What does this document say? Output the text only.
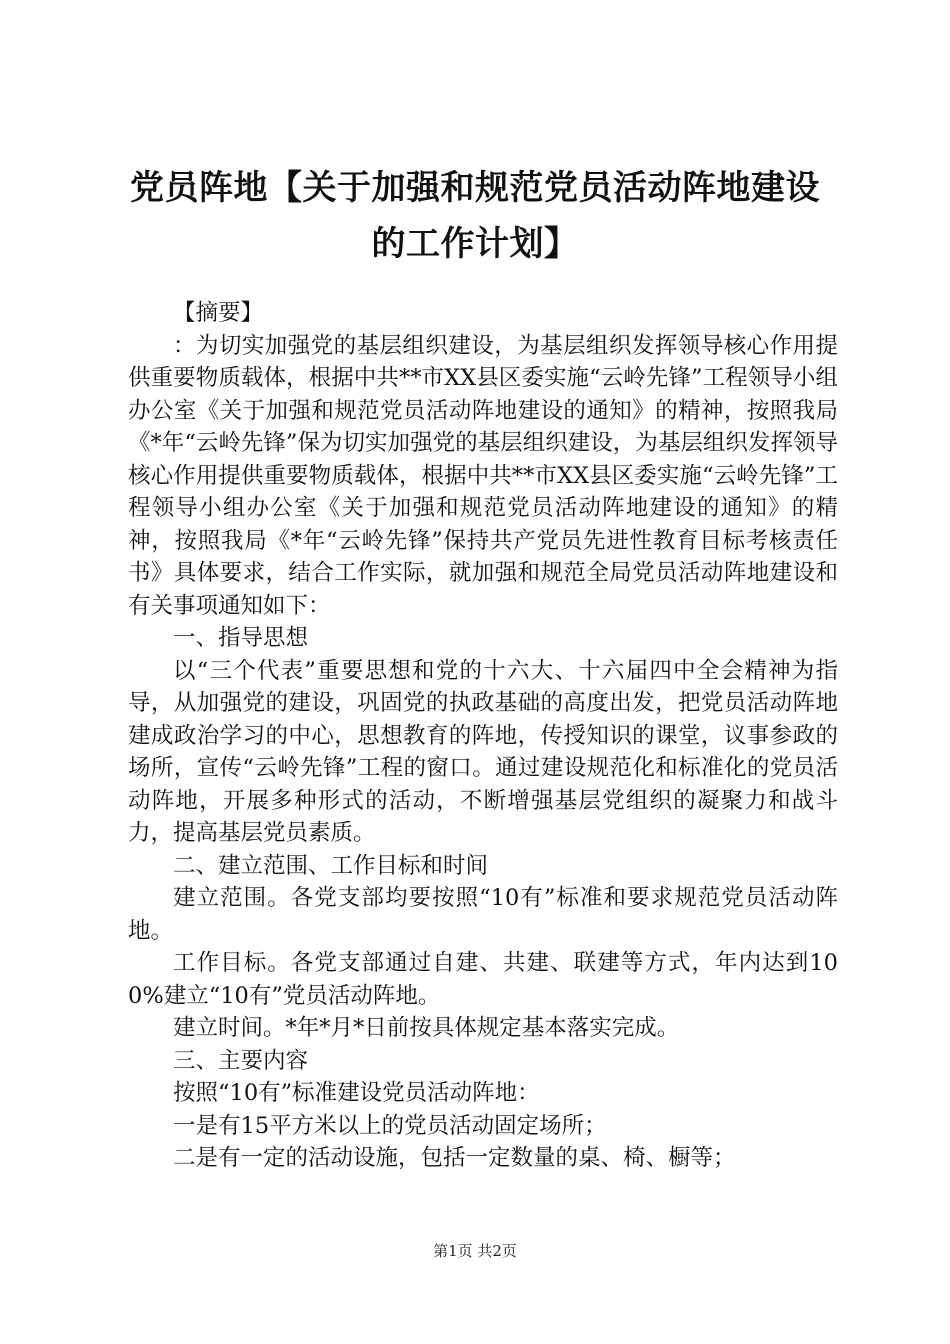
党员阵地【关于加强和规范党员活动阵地建设
的工作计划】

【摘要】

：为切实加强党的基层组织建设，为基层组织发挥领导核心作用提供重要物质载体，根据中共**市XX县区委实施“云岭先锋”工程领导小组办公室《关于加强和规范党员活动阵地建设的通知》的精神，按照我局《*年“云岭先锋”保为切实加强党的基层组织建设，为基层组织发挥领导核心作用提供重要物质载体，根据中共**市XX县区委实施“云岭先锋”工程领导小组办公室《关于加强和规范党员活动阵地建设的通知》的精神，按照我局《*年“云岭先锋”保持共产党员先进性教育目标考核责任书》具体要求，结合工作实际，就加强和规范全局党员活动阵地建设和有关事项通知如下：

一、指导思想

以“三个代表”重要思想和党的十六大、十六届四中全会精神为指导，从加强党的建设，巩固党的执政基础的高度出发，把党员活动阵地建成政治学习的中心，思想教育的阵地，传授知识的课堂，议事参政的场所，宣传“云岭先锋”工程的窗口。通过建设规范化和标准化的党员活动阵地，开展多种形式的活动，不断增强基层党组织的凝聚力和战斗力，提高基层党员素质。

二、建立范围、工作目标和时间

建立范围。各党支部均要按照“10有”标准和要求规范党员活动阵地。

工作目标。各党支部通过自建、共建、联建等方式，年内达到100%建立“10有”党员活动阵地。

建立时间。*年*月*日前按具体规定基本落实完成。

三、主要内容

按照“10有”标准建设党员活动阵地：

一是有15平方米以上的党员活动固定场所；

二是有一定的活动设施，包括一定数量的桌、椅、橱等；

第1页 共2页
